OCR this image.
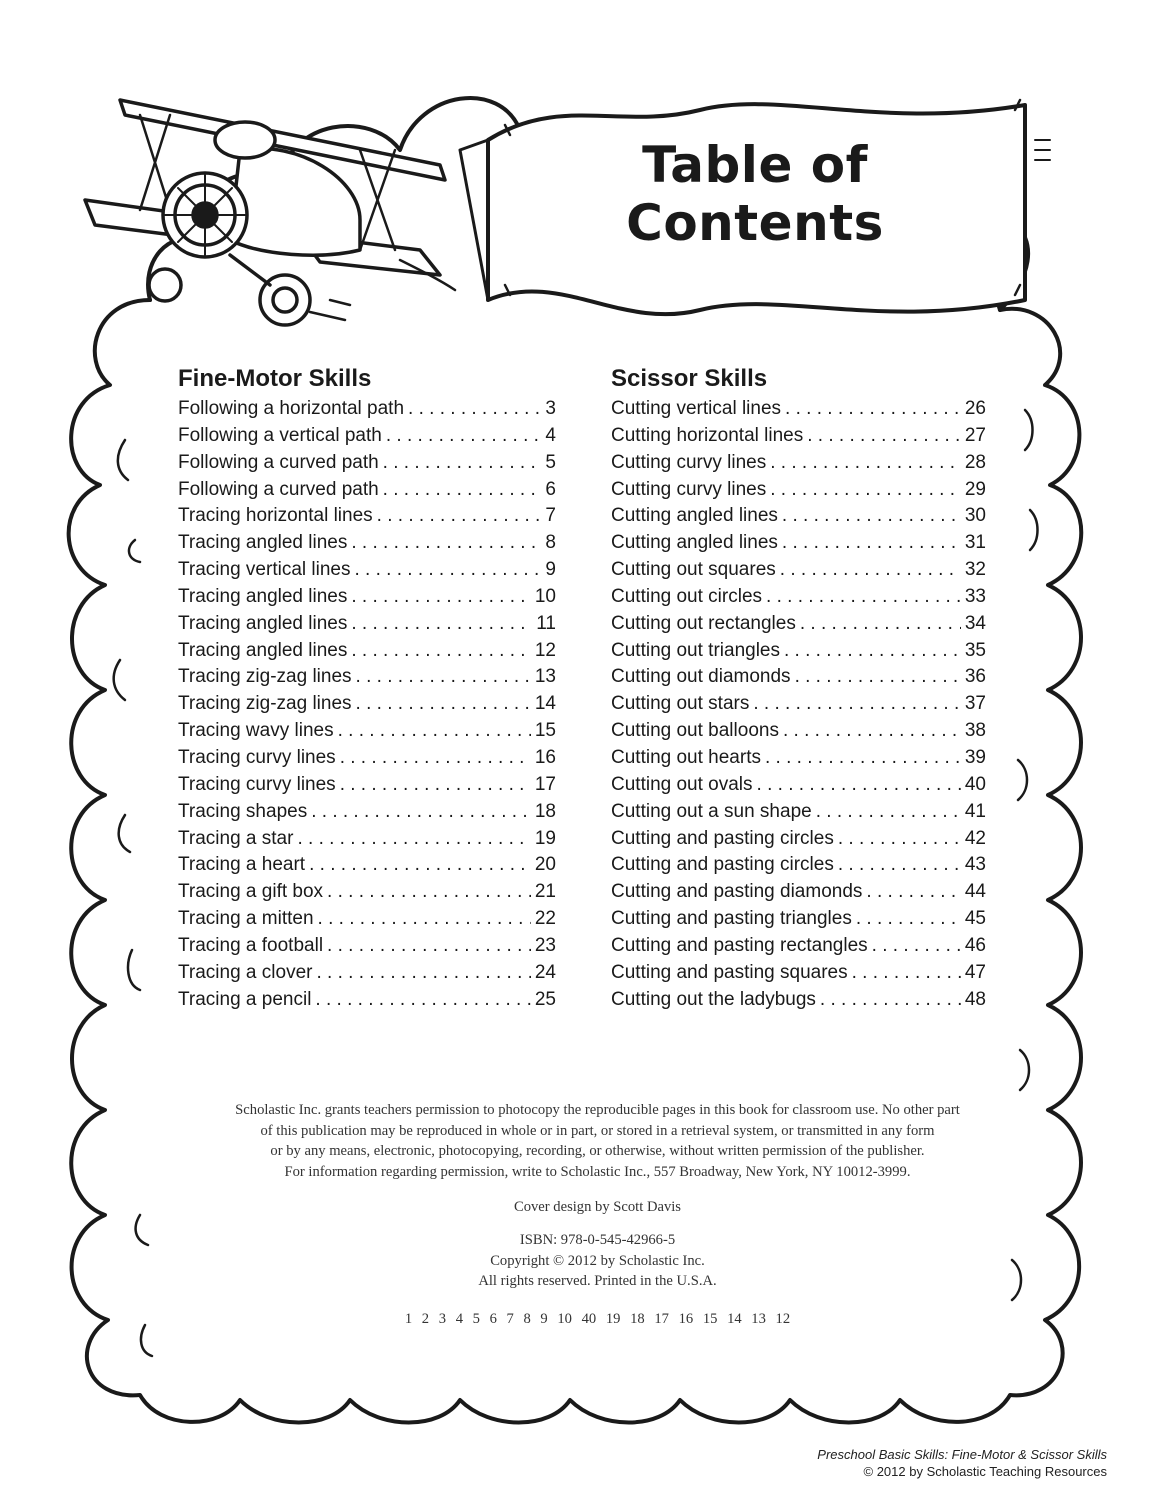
Table of Contents
Fine-Motor Skills
Following a horizontal path . . .	3
Following a vertical path . . .	4
Following a curved path . . .	5
Following a curved path . . .	6
Tracing horizontal lines . . .	7
Tracing angled lines . . .	8
Tracing vertical lines . . .	9
Tracing angled lines . . .	10
Tracing angled lines . . .	11
Tracing angled lines . . .	12
Tracing zig-zag lines . . .	13
Tracing zig-zag lines . . .	14
Tracing wavy lines . . .	15
Tracing curvy lines . . .	16
Tracing curvy lines . . .	17
Tracing shapes . . .	18
Tracing a star . . .	19
Tracing a heart . . .	20
Tracing a gift box . . .	21
Tracing a mitten . . .	22
Tracing a football . . .	23
Tracing a clover . . .	24
Tracing a pencil . . .	25
Scissor Skills
Cutting vertical lines . . .	26
Cutting horizontal lines . . .	27
Cutting curvy lines . . .	28
Cutting curvy lines . . .	29
Cutting angled lines . . .	30
Cutting angled lines . . .	31
Cutting out squares . . .	32
Cutting out circles . . .	33
Cutting out rectangles . . .	34
Cutting out triangles . . .	35
Cutting out diamonds . . .	36
Cutting out stars . . .	37
Cutting out balloons . . .	38
Cutting out hearts . . .	39
Cutting out ovals . . .	40
Cutting out a sun shape . . .	41
Cutting and pasting circles . . .	42
Cutting and pasting circles . . .	43
Cutting and pasting diamonds . . .	44
Cutting and pasting triangles . . .	45
Cutting and pasting rectangles . . .	46
Cutting and pasting squares . . .	47
Cutting out the ladybugs . . .	48

Scholastic Inc. grants teachers permission to photocopy the reproducible pages in this book for classroom use. No other part

of this publication may be reproduced in whole or in part, or stored in a retrieval system, or transmitted in any form

or by any means, electronic, photocopying, recording, or otherwise, without written permission of the publisher.

For information regarding permission, write to Scholastic Inc., 557 Broadway, New York, NY 10012-3999.

Cover design by Scott Davis
ISBN: 978-0-545-42966-5
Copyright © 2012 by Scholastic Inc.
All rights reserved. Printed in the U.S.A.
1 2 3 4 5 6 7 8 9 10 40 19 18 17 16 15 14 13 12
Preschool Basic Skills: Fine-Motor & Scissor Skills
© 2012 by Scholastic Teaching Resources
